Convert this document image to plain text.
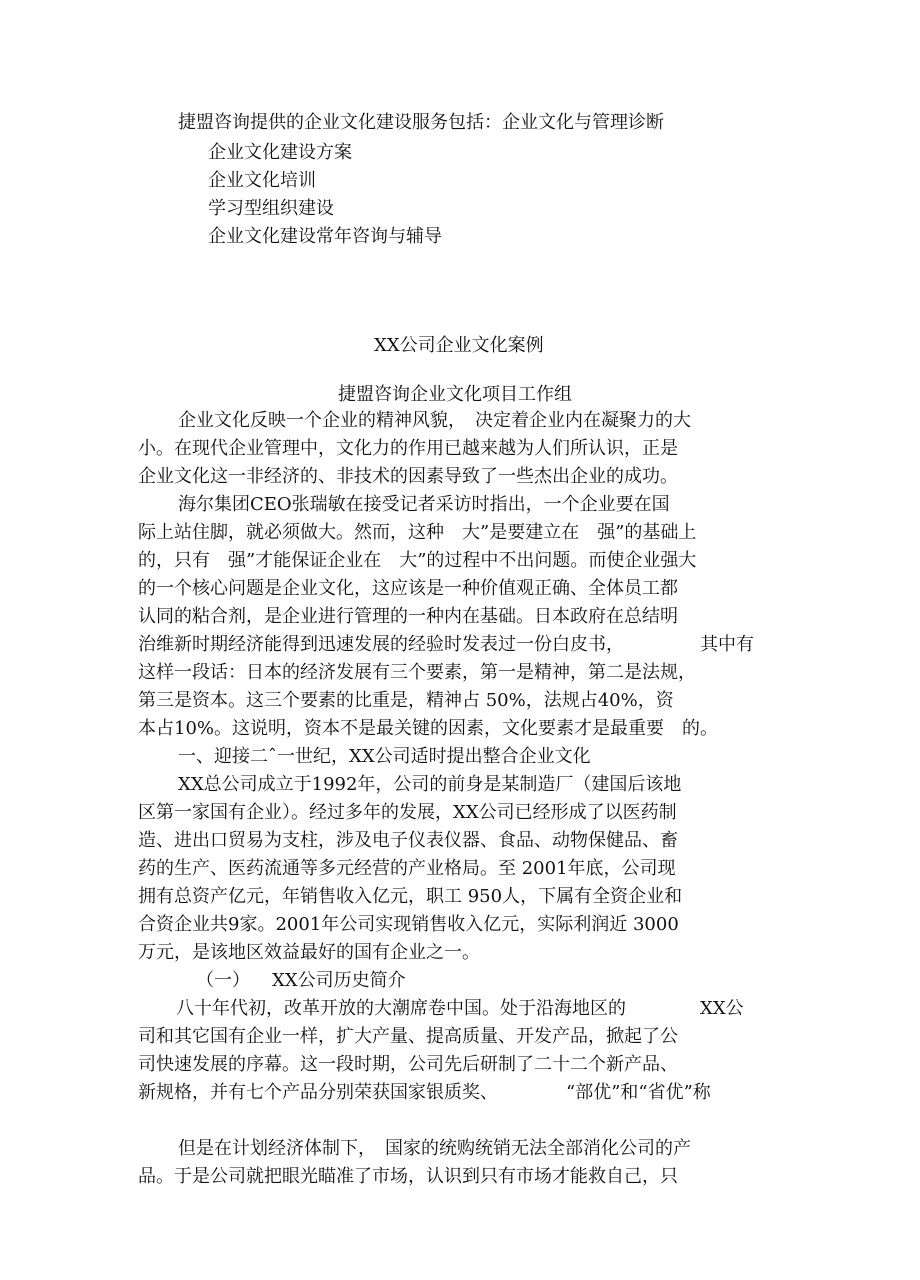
捷盟咨询提供的企业文化建设服务包括：企业文化与管理诊断

企业文化建设方案

企业文化培训

学习型组织建设

企业文化建设常年咨询与辅导

XX公司企业文化案例

捷盟咨询企业文化项目工作组

企业文化反映一个企业的精神风貌，　决定着企业内在凝聚力的大

小。在现代企业管理中，文化力的作用已越来越为人们所认识，正是

企业文化这一非经济的、非技术的因素导致了一些杰出企业的成功。

海尔集团CEO张瑞敏在接受记者采访时指出，一个企业要在国

际上站住脚，就必须做大。然而，这种　大”是要建立在　强”的基础上

的，只有　强”才能保证企业在　大”的过程中不出问题。而使企业强大

的一个核心问题是企业文化，这应该是一种价值观正确、全体员工都

认同的粘合剂，是企业进行管理的一种内在基础。日本政府在总结明

治维新时期经济能得到迅速发展的经验时发表过一份白皮书，	其中有

这样一段话：日本的经济发展有三个要素，第一是精神，第二是法规，

第三是资本。这三个要素的比重是，精神占 50%，法规占40%，资

本占10%。这说明，资本不是最关键的因素，文化要素才是最重要　的。

一、迎接二ˆ一世纪，XX公司适时提出整合企业文化

XX总公司成立于1992年，公司的前身是某制造厂（建国后该地

区第一家国有企业）。经过多年的发展，XX公司已经形成了以医药制

造、进出口贸易为支柱，涉及电子仪表仪器、食品、动物保健品、畜

药的生产、医药流通等多元经营的产业格局。至 2001年底，公司现

拥有总资产亿元，年销售收入亿元，职工 950人，下属有全资企业和

合资企业共9家。2001年公司实现销售收入亿元，实际利润近 3000

万元，是该地区效益最好的国有企业之一。

（一） XX公司历史简介

八十年代初，改革开放的大潮席卷中国。处于沿海地区的	XX公

司和其它国有企业一样，扩大产量、提高质量、开发产品，掀起了公

司快速发展的序幕。这一段时期，公司先后研制了二十二个新产品、

新规格，并有七个产品分别荣获国家银质奖、	“部优”和“省优”称

但是在计划经济体制下，　国家的统购统销无法全部消化公司的产

品。于是公司就把眼光瞄准了市场，认识到只有市场才能救自己，只
